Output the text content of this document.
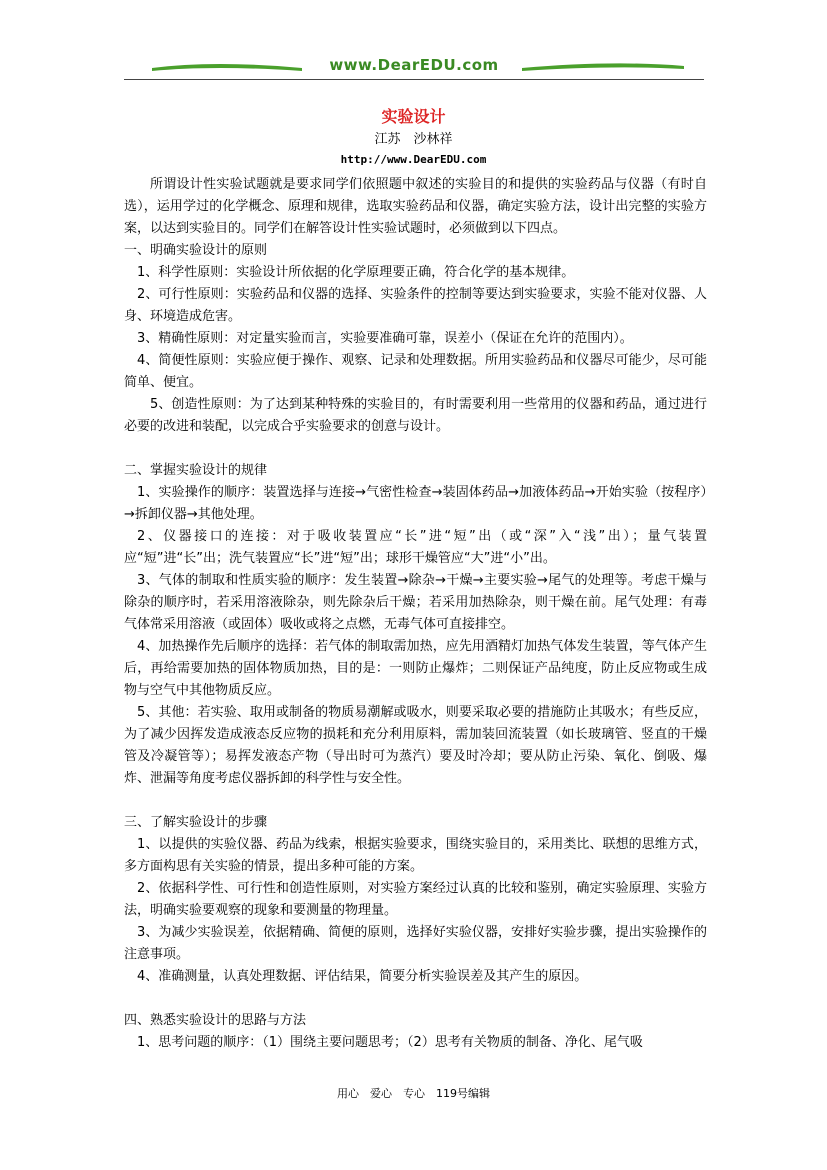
www.DearEDU.com
实验设计
江苏　沙林祥
http://www.DearEDU.com

所谓设计性实验试题就是要求同学们依照题中叙述的实验目的和提供的实验药品与仪器（有时自选），运用学过的化学概念、原理和规律，选取实验药品和仪器，确定实验方法，设计出完整的实验方案，以达到实验目的。同学们在解答设计性实验试题时，必须做到以下四点。

一、明确实验设计的原则

1、科学性原则：实验设计所依据的化学原理要正确，符合化学的基本规律。

2、可行性原则：实验药品和仪器的选择、实验条件的控制等要达到实验要求，实验不能对仪器、人身、环境造成危害。

3、精确性原则：对定量实验而言，实验要准确可靠，误差小（保证在允许的范围内）。

4、简便性原则：实验应便于操作、观察、记录和处理数据。所用实验药品和仪器尽可能少，尽可能简单、便宜。

5、创造性原则：为了达到某种特殊的实验目的，有时需要利用一些常用的仪器和药品，通过进行必要的改进和装配，以完成合乎实验要求的创意与设计。

二、掌握实验设计的规律

1、实验操作的顺序：装置选择与连接→气密性检查→装固体药品→加液体药品→开始实验（按程序）→拆卸仪器→其他处理。

2、仪器接口的连接：对于吸收装置应“长”进“短”出（或“深”入“浅”出）；量气装置应“短”进“长”出；洗气装置应“长”进“短”出；球形干燥管应“大”进“小”出。

3、气体的制取和性质实验的顺序：发生装置→除杂→干燥→主要实验→尾气的处理等。考虑干燥与除杂的顺序时，若采用溶液除杂，则先除杂后干燥；若采用加热除杂，则干燥在前。尾气处理：有毒气体常采用溶液（或固体）吸收或将之点燃，无毒气体可直接排空。

4、加热操作先后顺序的选择：若气体的制取需加热，应先用酒精灯加热气体发生装置，等气体产生后，再给需要加热的固体物质加热，目的是：一则防止爆炸；二则保证产品纯度，防止反应物或生成物与空气中其他物质反应。

5、其他：若实验、取用或制备的物质易潮解或吸水，则要采取必要的措施防止其吸水；有些反应，为了减少因挥发造成液态反应物的损耗和充分利用原料，需加装回流装置（如长玻璃管、竖直的干燥管及冷凝管等）；易挥发液态产物（导出时可为蒸汽）要及时冷却；要从防止污染、氧化、倒吸、爆炸、泄漏等角度考虑仪器拆卸的科学性与安全性。

三、了解实验设计的步骤

1、以提供的实验仪器、药品为线索，根据实验要求，围绕实验目的，采用类比、联想的思维方式，多方面构思有关实验的情景，提出多种可能的方案。

2、依据科学性、可行性和创造性原则，对实验方案经过认真的比较和鉴别，确定实验原理、实验方法，明确实验要观察的现象和要测量的物理量。

3、为减少实验误差，依据精确、简便的原则，选择好实验仪器，安排好实验步骤，提出实验操作的注意事项。

4、准确测量，认真处理数据、评估结果，简要分析实验误差及其产生的原因。

四、熟悉实验设计的思路与方法

1、思考问题的顺序：（1）围绕主要问题思考；（2）思考有关物质的制备、净化、尾气吸

用心　爱心　专心　119号编辑
